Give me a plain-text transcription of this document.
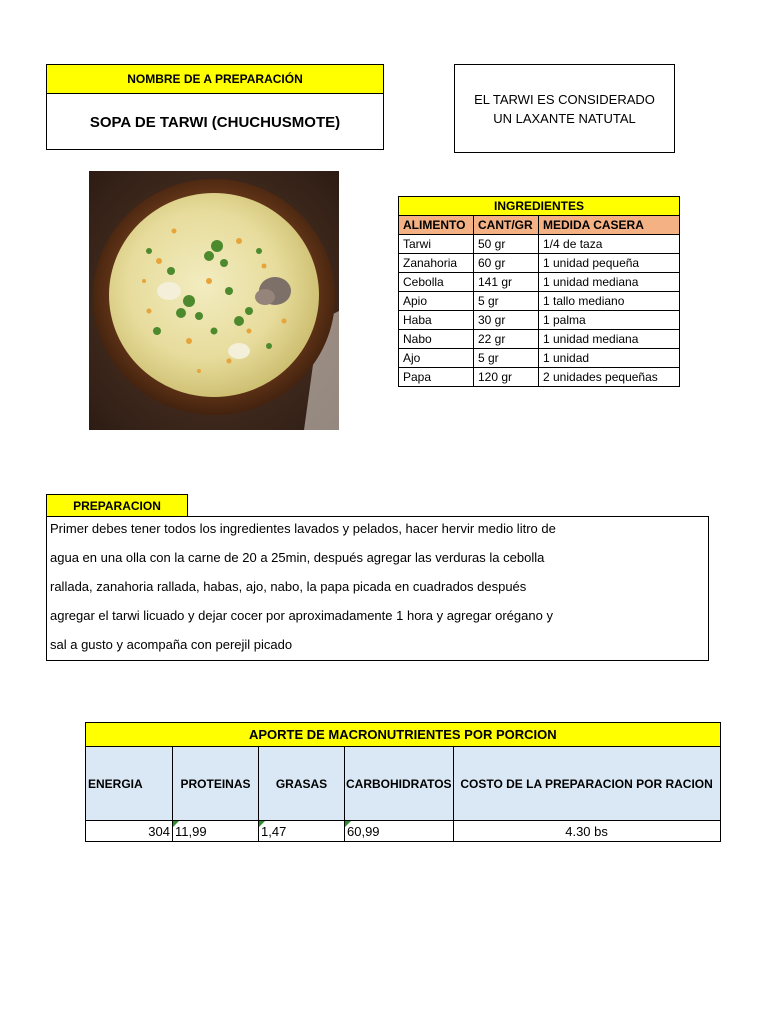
NOMBRE DE A PREPARACIÓN
SOPA DE TARWI (CHUCHUSMOTE)
EL TARWI ES CONSIDERADO UN LAXANTE NATUTAL
INGREDIENTES		
ALIMENTO	CANT/GR	MEDIDA CASERA
Tarwi	50 gr	1/4 de taza
Zanahoria	60 gr	1 unidad pequeña
Cebolla	141 gr	1 unidad mediana
Apio	5 gr	1 tallo mediano
Haba	30 gr	1 palma
Nabo	22 gr	1 unidad mediana
Ajo	5 gr	1 unidad
Papa	120 gr	2 unidades pequeñas
PREPARACION
Primer debes tener todos los ingredientes lavados y pelados, hacer hervir medio litro de
agua en una olla con la carne de 20 a 25min, después agregar las verduras la cebolla
rallada, zanahoria rallada, habas, ajo, nabo, la papa picada en cuadrados después
agregar el tarwi licuado y dejar cocer por aproximadamente 1 hora y agregar orégano y
sal a gusto y acompaña con perejil picado
APORTE DE MACRONUTRIENTES POR PORCION				
ENERGIA	PROTEINAS	GRASAS	CARBOHIDRATOS	COSTO DE LA PREPARACION POR RACION
304	11,99	1,47	60,99	4.30 bs
